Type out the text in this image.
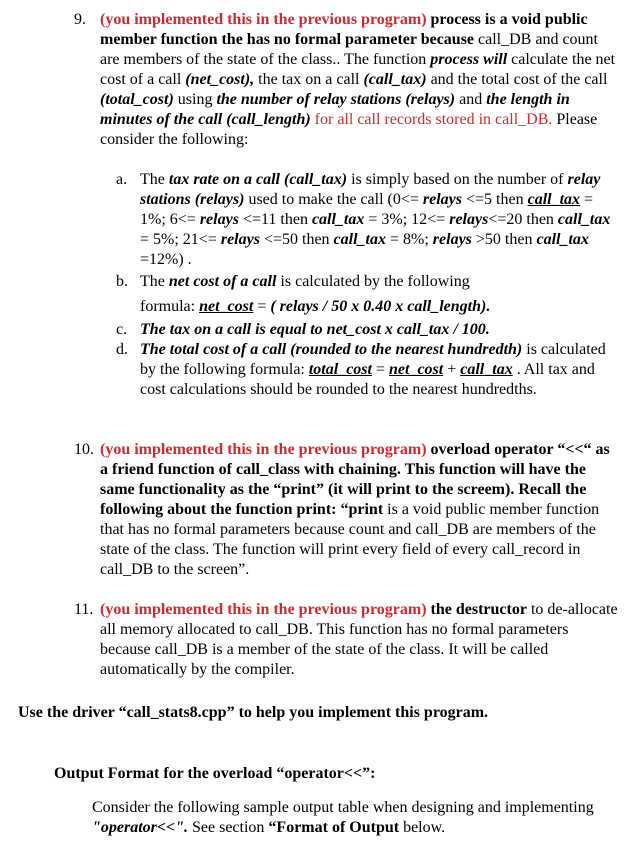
9. (you implemented this in the previous program) process is a void public member function the has no formal parameter because call_DB and count are members of the state of the class.. The function process will calculate the net cost of a call (net_cost), the tax on a call (call_tax) and the total cost of the call (total_cost) using the number of relay stations (relays) and the length in minutes of the call (call_length) for all call records stored in call_DB. Please consider the following:
a. The tax rate on a call (call_tax) is simply based on the number of relay stations (relays) used to make the call (0<= relays <=5 then call_tax = 1%; 6<= relays <=11 then call_tax = 3%; 12<= relays<=20 then call_tax = 5%; 21<= relays <=50 then call_tax = 8%; relays >50 then call_tax =12%) .
b. The net cost of a call is calculated by the following

formula: net_cost = ( relays / 50 x 0.40 x call_length).

c. The tax on a call is equal to net_cost x call_tax / 100.
d. The total cost of a call (rounded to the nearest hundredth) is calculated by the following formula: total_cost = net_cost + call_tax . All tax and cost calculations should be rounded to the nearest hundredths.
10. (you implemented this in the previous program) overload operator “<<“ as a friend function of call_class with chaining. This function will have the same functionality as the “print” (it will print to the screem). Recall the following about the function print: “print is a void public member function that has no formal parameters because count and call_DB are members of the state of the class. The function will print every field of every call_record in call_DB to the screen”.
11. (you implemented this in the previous program) the destructor to de-allocate all memory allocated to call_DB. This function has no formal parameters because call_DB is a member of the state of the class. It will be called automatically by the compiler.
Use the driver “call_stats8.cpp” to help you implement this program.
Output Format for the overload “operator<<”:
Consider the following sample output table when designing and implementing "operator<<". See section “Format of Output below.
